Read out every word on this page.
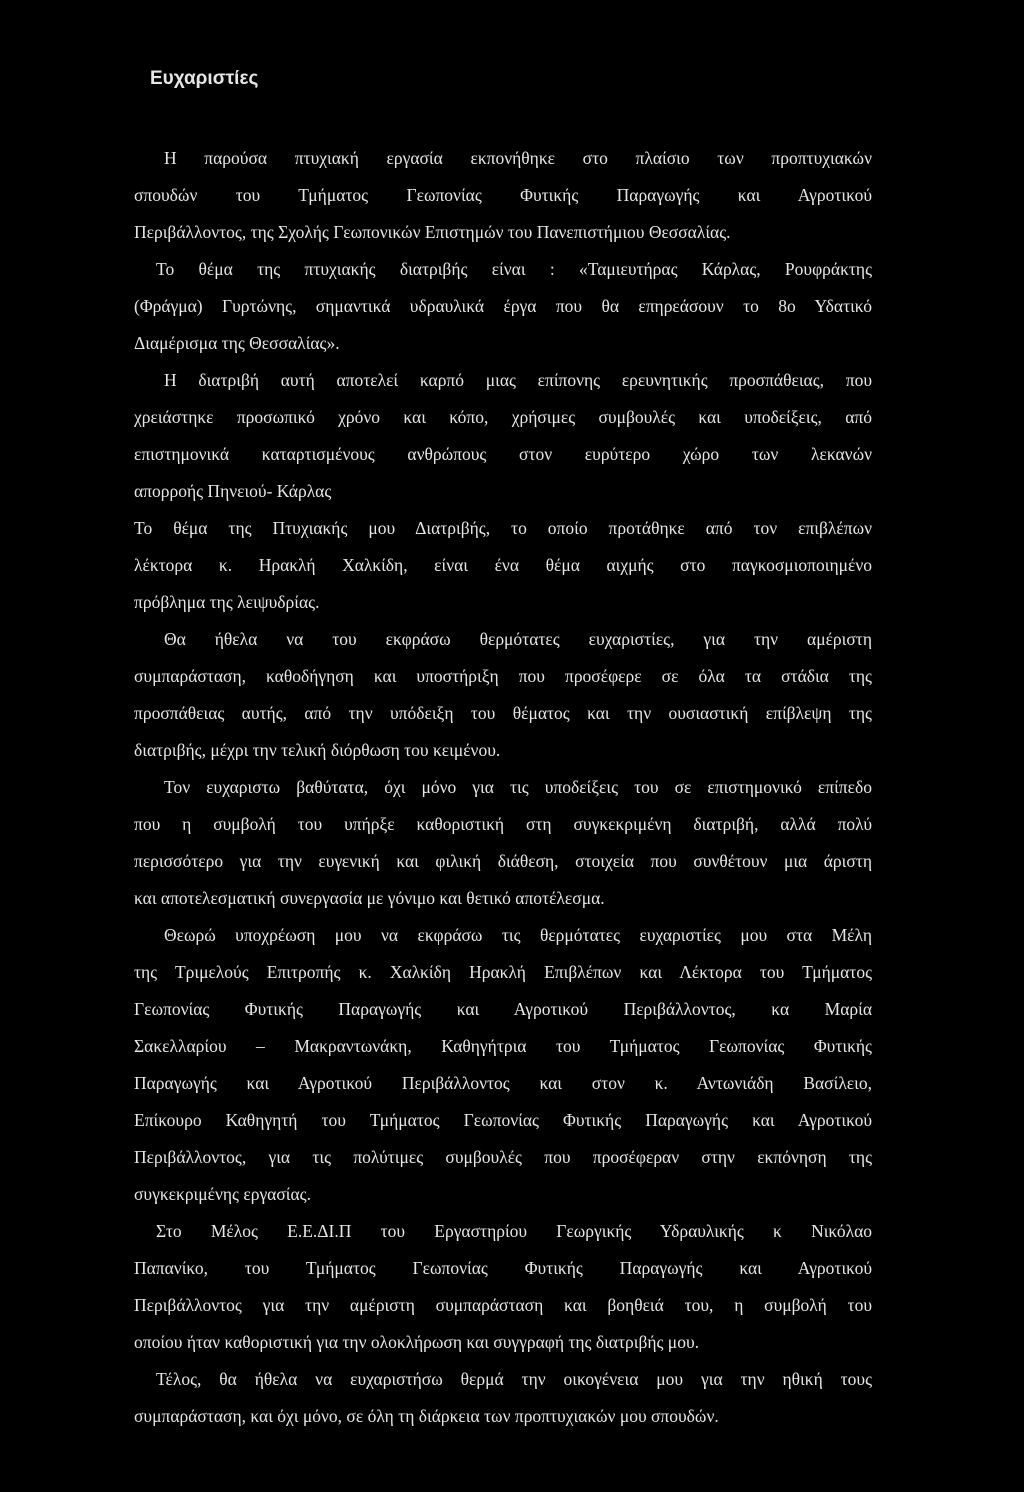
Ευχαριστίες
Η παρούσα πτυχιακή εργασία εκπονήθηκε στο πλαίσιο των προπτυχιακών
σπουδών του Τμήματος Γεωπονίας Φυτικής Παραγωγής και Αγροτικού
Περιβάλλοντος, της Σχολής Γεωπονικών Επιστημών του Πανεπιστήμιου Θεσσαλίας.
Το θέμα της πτυχιακής διατριβής είναι : «Ταμιευτήρας Κάρλας, Ρουφράκτης
(Φράγμα) Γυρτώνης, σημαντικά υδραυλικά έργα που θα επηρεάσουν το 8ο Υδατικό
Διαμέρισμα της Θεσσαλίας».
Η διατριβή αυτή αποτελεί καρπό μιας επίπονης ερευνητικής προσπάθειας, που
χρειάστηκε προσωπικό χρόνο και κόπο, χρήσιμες συμβουλές και υποδείξεις, από
επιστημονικά καταρτισμένους ανθρώπους στον ευρύτερο χώρο των λεκανών
απορροής Πηνειού- Κάρλας
Το θέμα της Πτυχιακής μου Διατριβής, το οποίο προτάθηκε από τον επιβλέπων
λέκτορα κ. Ηρακλή Χαλκίδη, είναι ένα θέμα αιχμής στο παγκοσμιοποιημένο
πρόβλημα της λειψυδρίας.
Θα ήθελα να του εκφράσω θερμότατες ευχαριστίες, για την αμέριστη
συμπαράσταση, καθοδήγηση και υποστήριξη που προσέφερε σε όλα τα στάδια της
προσπάθειας αυτής, από την υπόδειξη του θέματος και την ουσιαστική επίβλεψη της
διατριβής, μέχρι την τελική διόρθωση του κειμένου.
Τον ευχαριστω βαθύτατα, όχι μόνο για τις υποδείξεις του σε επιστημονικό επίπεδο
που η συμβολή του υπήρξε καθοριστική στη συγκεκριμένη διατριβή, αλλά πολύ
περισσότερο για την ευγενική και φιλική διάθεση, στοιχεία που συνθέτουν μια άριστη
και αποτελεσματική συνεργασία με γόνιμο και θετικό αποτέλεσμα.
Θεωρώ υποχρέωση μου να εκφράσω τις θερμότατες ευχαριστίες μου στα Μέλη
της Τριμελούς Επιτροπής κ. Χαλκίδη Ηρακλή Επιβλέπων και Λέκτορα του Τμήματος
Γεωπονίας Φυτικής Παραγωγής και Αγροτικού Περιβάλλοντος, κα Μαρία
Σακελλαρίου – Μακραντωνάκη, Καθηγήτρια του Τμήματος Γεωπονίας Φυτικής
Παραγωγής και Αγροτικού Περιβάλλοντος και στον κ. Αντωνιάδη Βασίλειο,
Επίκουρο Καθηγητή του Τμήματος Γεωπονίας Φυτικής Παραγωγής και Αγροτικού
Περιβάλλοντος, για τις πολύτιμες συμβουλές που προσέφεραν στην εκπόνηση της
συγκεκριμένης εργασίας.
Στο Μέλος Ε.Ε.ΔΙ.Π του Εργαστηρίου Γεωργικής Υδραυλικής κ Νικόλαο
Παπανίκο, του Τμήματος Γεωπονίας Φυτικής Παραγωγής και Αγροτικού
Περιβάλλοντος για την αμέριστη συμπαράσταση και βοηθειά του, η συμβολή του
οποίου ήταν καθοριστική για την ολοκλήρωση και συγγραφή της διατριβής μου.
Τέλος, θα ήθελα να ευχαριστήσω θερμά την οικογένεια μου για την ηθική τους
συμπαράσταση, και όχι μόνο, σε όλη τη διάρκεια των προπτυχιακών μου σπουδών.
